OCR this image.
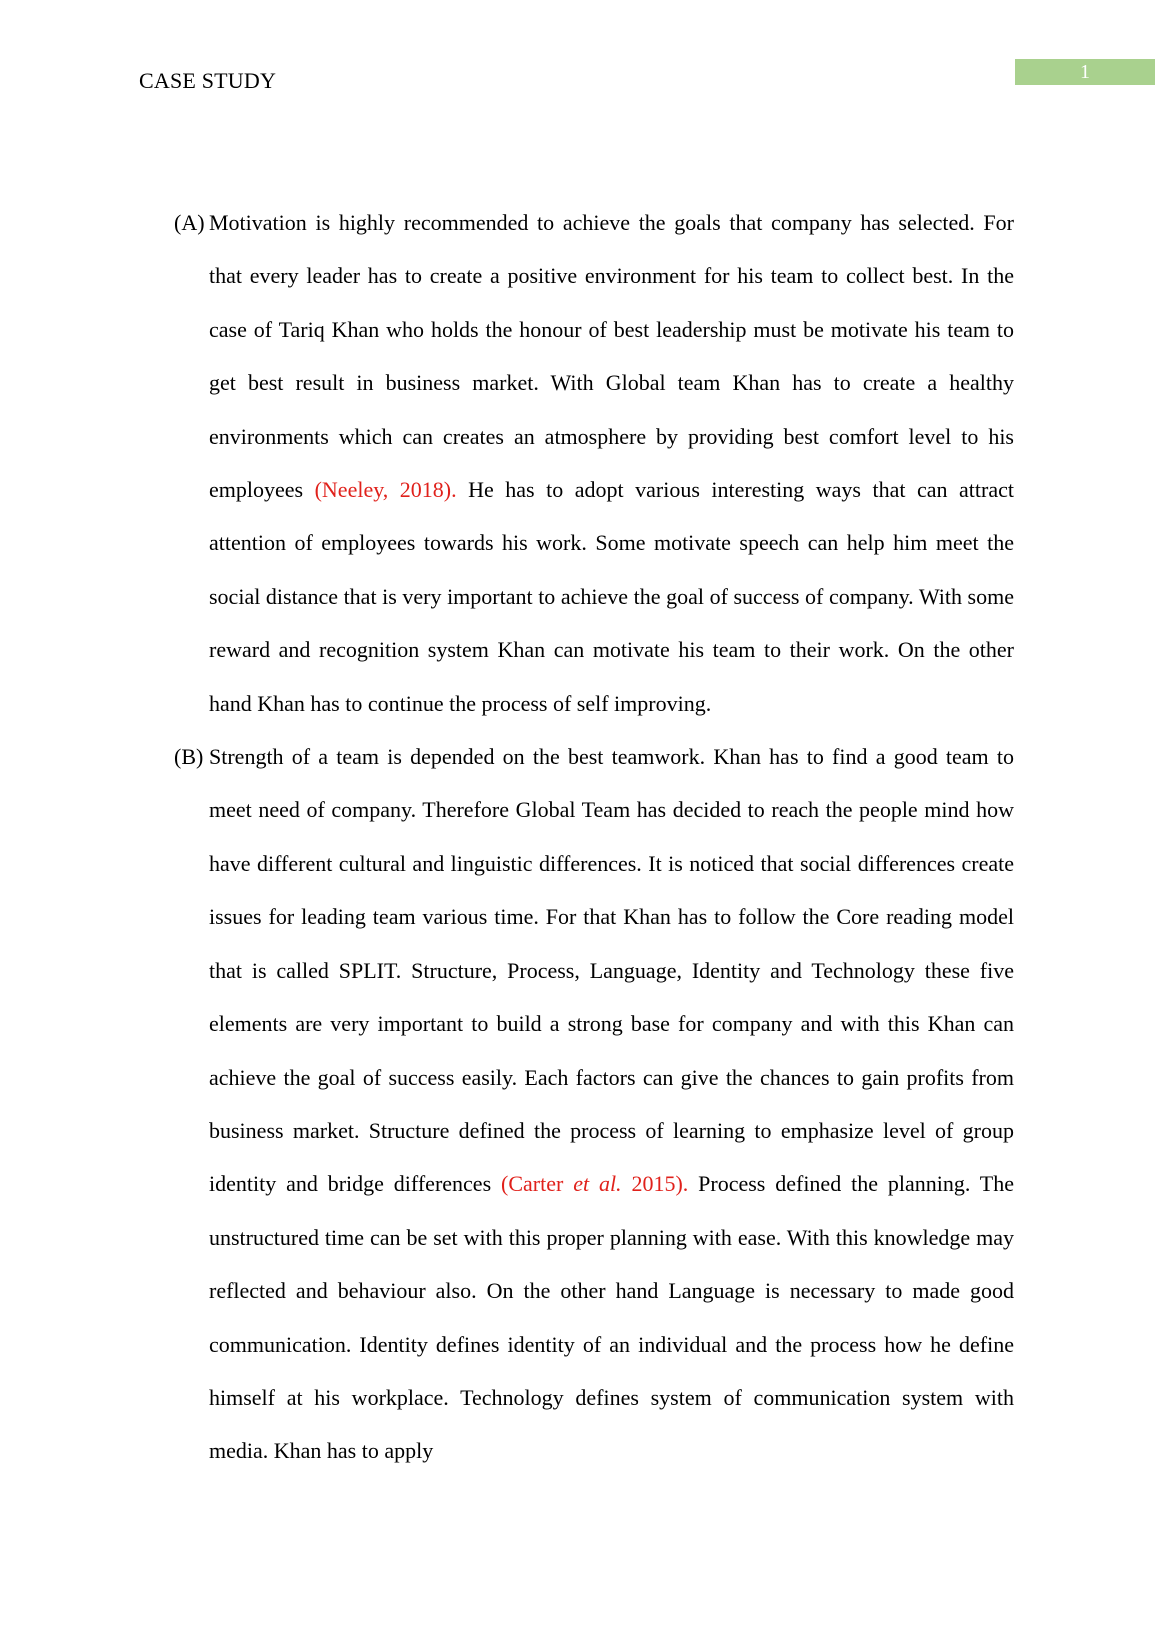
CASE STUDY	1

(A) Motivation is highly recommended to achieve the goals that company has selected. For that every leader has to create a positive environment for his team to collect best. In the case of Tariq Khan who holds the honour of best leadership must be motivate his team to get best result in business market. With Global team Khan has to create a healthy environments which can creates an atmosphere by providing best comfort level to his employees (Neeley, 2018). He has to adopt various interesting ways that can attract attention of employees towards his work. Some motivate speech can help him meet the social distance that is very important to achieve the goal of success of company. With some reward and recognition system Khan can motivate his team to their work. On the other hand Khan has to continue the process of self improving.

(B) Strength of a team is depended on the best teamwork. Khan has to find a good team to meet need of company. Therefore Global Team has decided to reach the people mind how have different cultural and linguistic differences. It is noticed that social differences create issues for leading team various time. For that Khan has to follow the Core reading model that is called SPLIT. Structure, Process, Language, Identity and Technology these five elements are very important to build a strong base for company and with this Khan can achieve the goal of success easily. Each factors can give the chances to gain profits from business market. Structure defined the process of learning to emphasize level of group identity and bridge differences (Carter et al. 2015). Process defined the planning. The unstructured time can be set with this proper planning with ease. With this knowledge may reflected and behaviour also. On the other hand Language is necessary to made good communication. Identity defines identity of an individual and the process how he define himself at his workplace. Technology defines system of communication system with media. Khan has to apply
